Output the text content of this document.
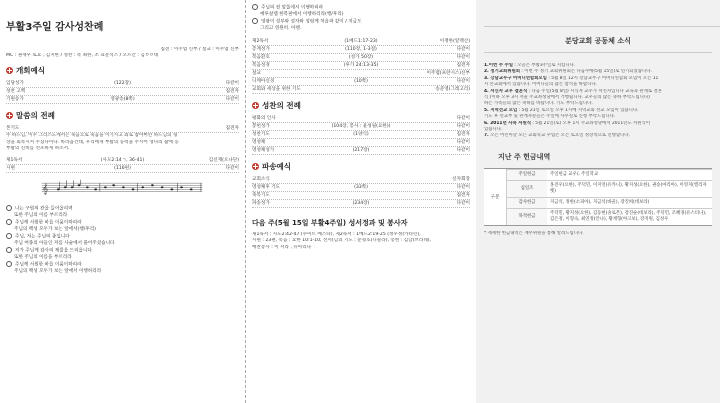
부활3주일 감사성찬례
집전 : 이주엽 신부 / 설교 : 이주엽 신부
MC : 권재우 토요 , 김지한 / 성찬 : 복 최한, 조 표문석스 / 오르간 : 김ㅇㅇ대
개회예식
입당성가	(122장)	다같이
성찬 고백	집전자
기원송가	영광송(8쪽)	다같이
말씀의 전례
본기도	집전자
주 하느님, 이주 그리스도께서는 죽음으로 죽음을 이기시고 죄로 참아버린 하느님의 형
상을 회복시켜 주셨나이다. 바라옵건대, 우리에게 부활의 능력을 주시어 영다의 삶에 동
부활의 신비를 선포하게 하소서.
제1독서	(사도2:14ㄱ, 36-41)	김신재(오나단)
시편	(116편)	다같이
𝄞
나는 구원의 잔을 들어올리며
또한 주님의 이름 부르리라
주님께 서원한 바를 이룸이하리라
주님의 백성 모두가 보는 앞에서(행/후리)
주님, 저는 주님의 종입니다
주님 여종의 아들인 저를 사슬에서 풀어주셨습니다
저가 주님께 감사의 제물을 드리옵니다
또한 주님의 이름을 부르리라
주님께 서원한 바를 이룸이하리라
주님의 백성 모두가 보는 앞에서 이행하리라
주님의 전 앞뜰에서 이행하리라
예루살렘 한복판에서 이행하리라(행/후리)
영광이 성부와 성자와 성령께 처음과 같이 / 지금도
그리고 영원히. 아멘.
제2독서	(1베드1:17-23)	이정한(알렉산)
층계성가	(110장, 1-3절)	다같이
복음환호	(성가 50장)	다같이
복음성경	(루가 24:13-35)	집전자
설교	이주엽(프란시스)신부
니케아신경	(10쪽)	다같이
교회와 세상을 위한 기도	송준영(그레고리)
성찬의 전례
평화의 인사	다같이
봉헌성가	(104장, 봉사 : 윤성필(요한))	다같이
성찬기도	(1양식)	집전자
영성체	다같이
영성체성가	(217장)	다같이
파송예식
교회소식	신자회장
영성체후 기도	(33쪽)	다같이
축복기도	집전자
파송성가	(234장)	다같이
다음 주(5월 15일 부활4주일) 성서정과 및 봉사자
제1독서 : 사도2:42-47 (수미트 예스타), 제2독서 : 1베드2:19-25 (정우정(카타린),
시편 : 23편, 복음 : 요한 10:1-10, 선서(님의 기도 : 문형호(니콜라), 봉헌 : 김남(브라네),
애찬봉사 : 이 서라 , 유아리다
분당교회 공동체 소식
1.이번 주 주일 : 오늘은 부활3주일로 지킵니다.
2. 정기교회위원회 : 이번 주 정기 교회위원회는 다음주에(5월 15일)로 연기되었습니다.
3. 강남교무구 어머니연합회모임 : 5월 8일 12시 강남교무구 어머니연합회 모임이 오는 11
시 본교회에서 있습니다. 어머니들의 많은 참석을 바랍니다.
4. 서신자 교우 결혼식 : 다음 주일(5월 8일) 시식자 교우가 서신자입니다 교육과 관계로 결혼
식 (이하 오후 3시 서울 주교좌성당에서 거행됩니다. 교우들의 많은 축하 부탁드립니다)
하는 가족들의 많은 축하를 바랍니다. 기도 부탁드립니다.
5. 지역선교 모임 : 5월 21일 토요일 오후 1시에 지역교회 선교 모임이 있습니다.
기도 후 선교부 및 관계자분들은 주일에 사무실로 신청 부탁드립니다.
6. 2011년 사목 서원식 : 5월 21일(토) 오후 1시 주교좌성당에서 2011년도 서원식이
있습니다.
7. 오는 어린이날 모든 교회학교 수업은 오는 토요일 정상적으로 진행합니다.
지난 주 헌금내역
구분
주일헌금	주일헌금 교우/, 주일학교
십일조	홍진우(요한), 주덕민, 이지연(유카니), 황지성(요한), 권승(마리아), 이영지(엘리자벳)
감사헌금	지금석, 정한(소피아), 지금석(바울), 장진희(데보라)
목적헌금	주덕민, 황지성(요한), 김동현(솔로몬), 강진순(데보라), 주덕민, 조혜경(유스티나), 김은정, 이형숙, 최연정(안나), 황재형(야고보), 강지원, 김성우
* 재세한 헌금내역은 재무위원을 통해 알려드립니다.
